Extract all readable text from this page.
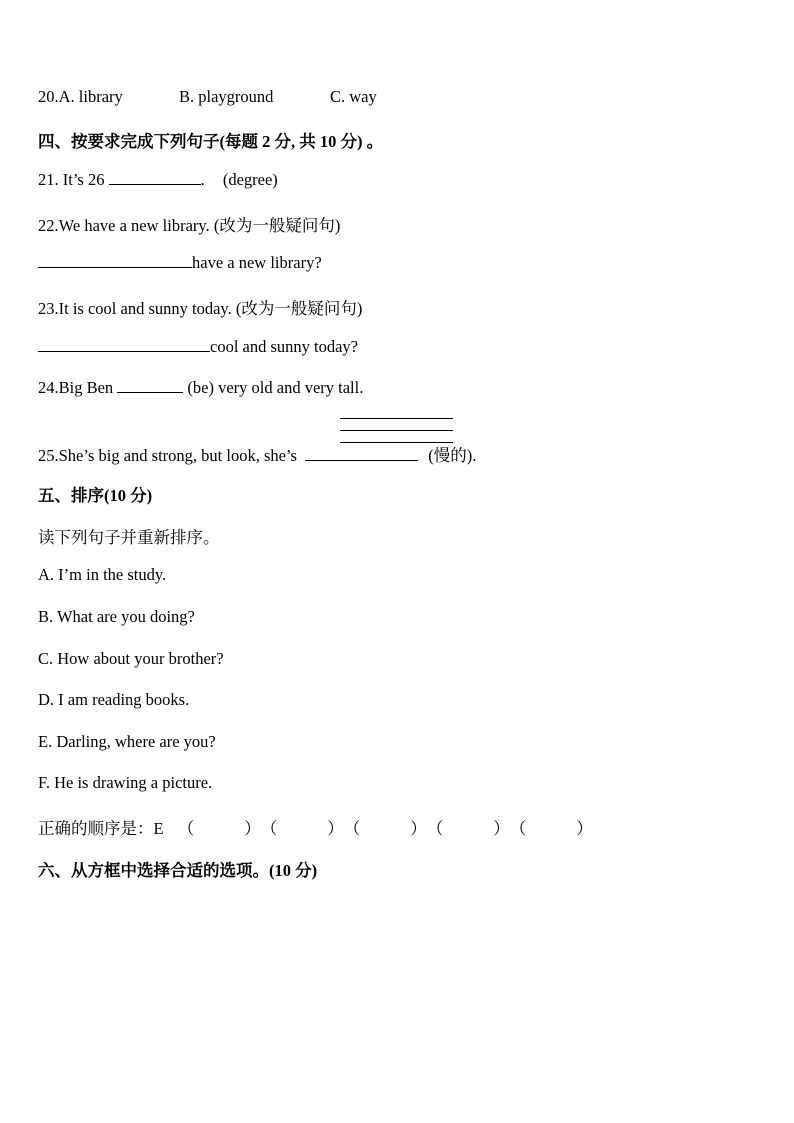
20.A. library	B. playground	C. way
四、按要求完成下列句子(每题 2 分, 共 10 分) 。
21. It’s 26	. (degree)
22.We have a new library. (改为一般疑问句)
have a new library?
23.It is cool and sunny today. (改为一般疑问句)
cool and sunny today?
24.Big Ben	(be) very old and very tall.
25.She’s big and strong, but look, she’s	(慢的).
五、排序(10 分)
读下列句子并重新排序。
A. I’m in the study.
B. What are you doing?
C. How about your brother?
D. I am reading books.
E. Darling, where are you?
F. He is drawing a picture.
正确的顺序是：E （	）（	）（	）（	）（	）
六、从方框中选择合适的选项。(10 分)
